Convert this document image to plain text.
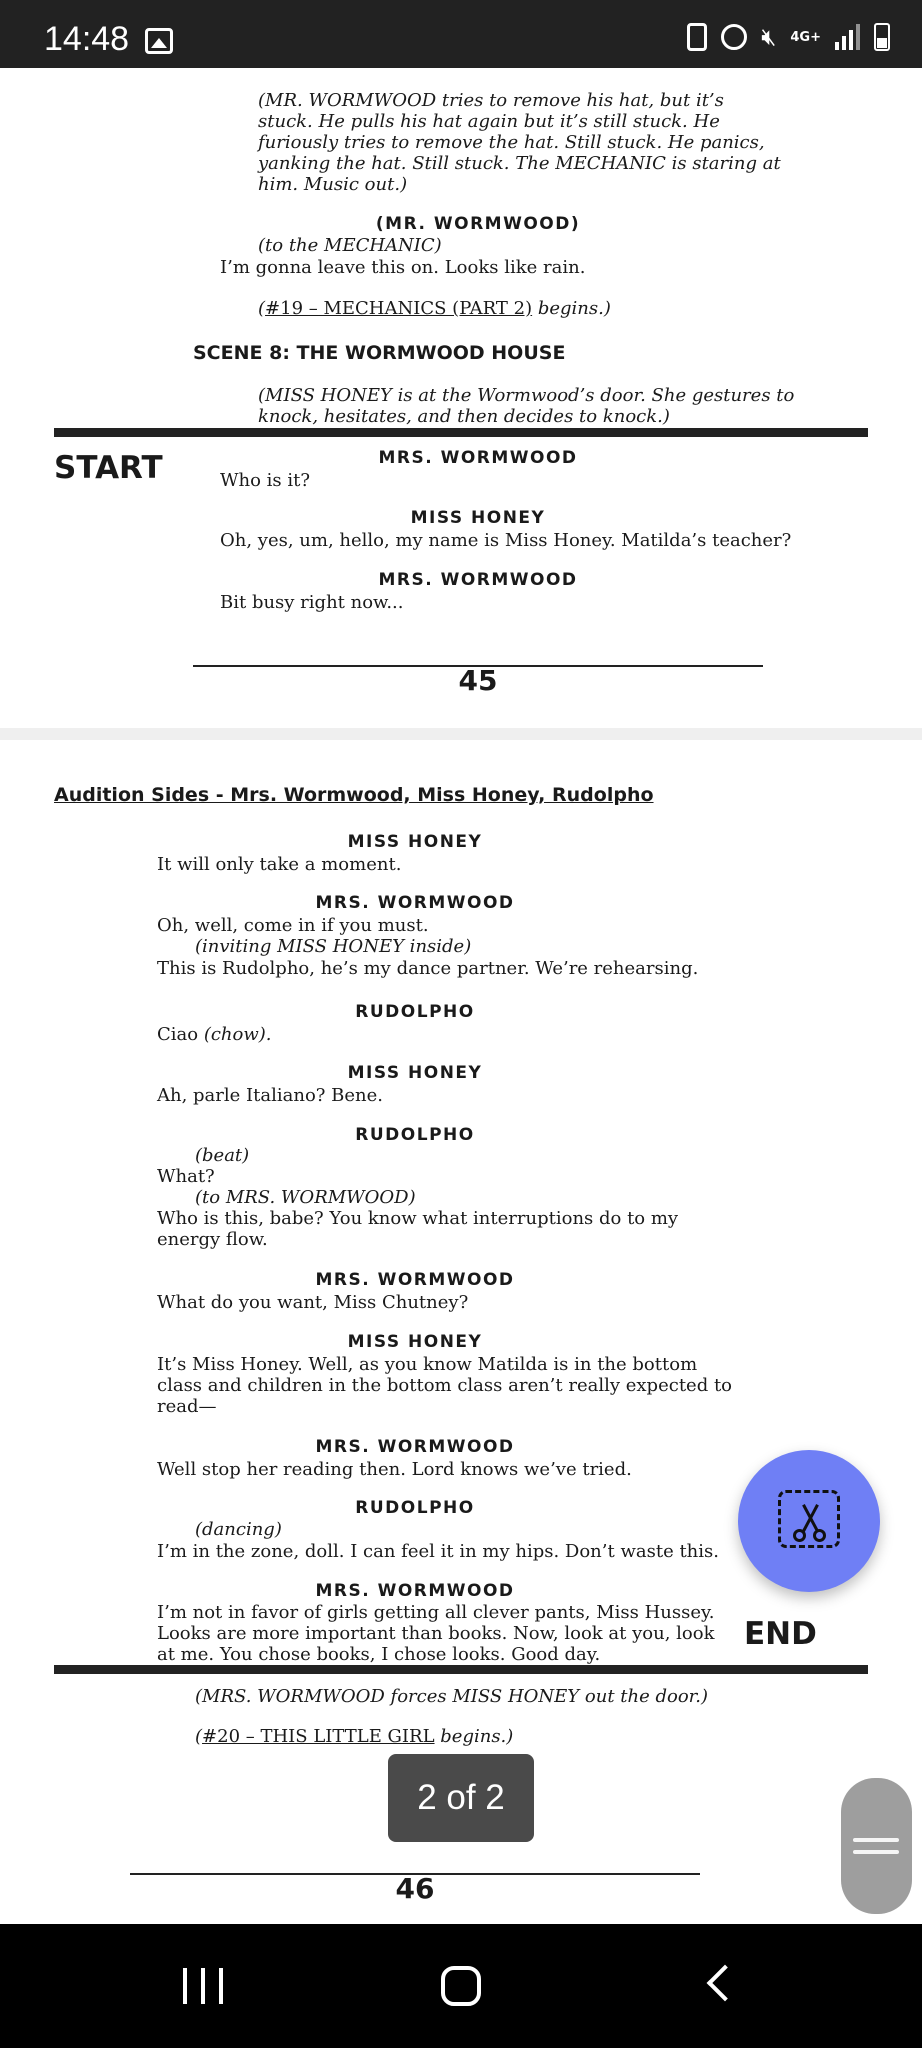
14:48	🔇︎ 4G+
(MR. WORMWOOD tries to remove his hat, but it’s
stuck. He pulls his hat again but it’s still stuck. He
furiously tries to remove the hat. Still stuck. He panics,
yanking the hat. Still stuck. The MECHANIC is staring at
him. Music out.)
(MR. WORMWOOD)
(to the MECHANIC)
I’m gonna leave this on. Looks like rain.
(#19 – MECHANICS (PART 2) begins.)
SCENE 8: THE WORMWOOD HOUSE
(MISS HONEY is at the Wormwood’s door. She gestures to
knock, hesitates, and then decides to knock.)
START	MRS. WORMWOOD
Who is it?
MISS HONEY
Oh, yes, um, hello, my name is Miss Honey. Matilda’s teacher?
MRS. WORMWOOD
Bit busy right now...
45
Audition Sides - Mrs. Wormwood, Miss Honey, Rudolpho
MISS HONEY
It will only take a moment.
MRS. WORMWOOD
Oh, well, come in if you must.
(inviting MISS HONEY inside)
This is Rudolpho, he’s my dance partner. We’re rehearsing.
RUDOLPHO
Ciao (chow).
MISS HONEY
Ah, parle Italiano? Bene.
RUDOLPHO
(beat)
What?
(to MRS. WORMWOOD)
Who is this, babe? You know what interruptions do to my
energy flow.
MRS. WORMWOOD
What do you want, Miss Chutney?
MISS HONEY
It’s Miss Honey. Well, as you know Matilda is in the bottom
class and children in the bottom class aren’t really expected to
read—
MRS. WORMWOOD
Well stop her reading then. Lord knows we’ve tried.
RUDOLPHO
(dancing)
I’m in the zone, doll. I can feel it in my hips. Don’t waste this.
MRS. WORMWOOD
I’m not in favor of girls getting all clever pants, Miss Hussey.
Looks are more important than books. Now, look at you, look
at me. You chose books, I chose looks. Good day.
END
(MRS. WORMWOOD forces MISS HONEY out the door.)
(#20 – THIS LITTLE GIRL begins.)
46
2 of 2
